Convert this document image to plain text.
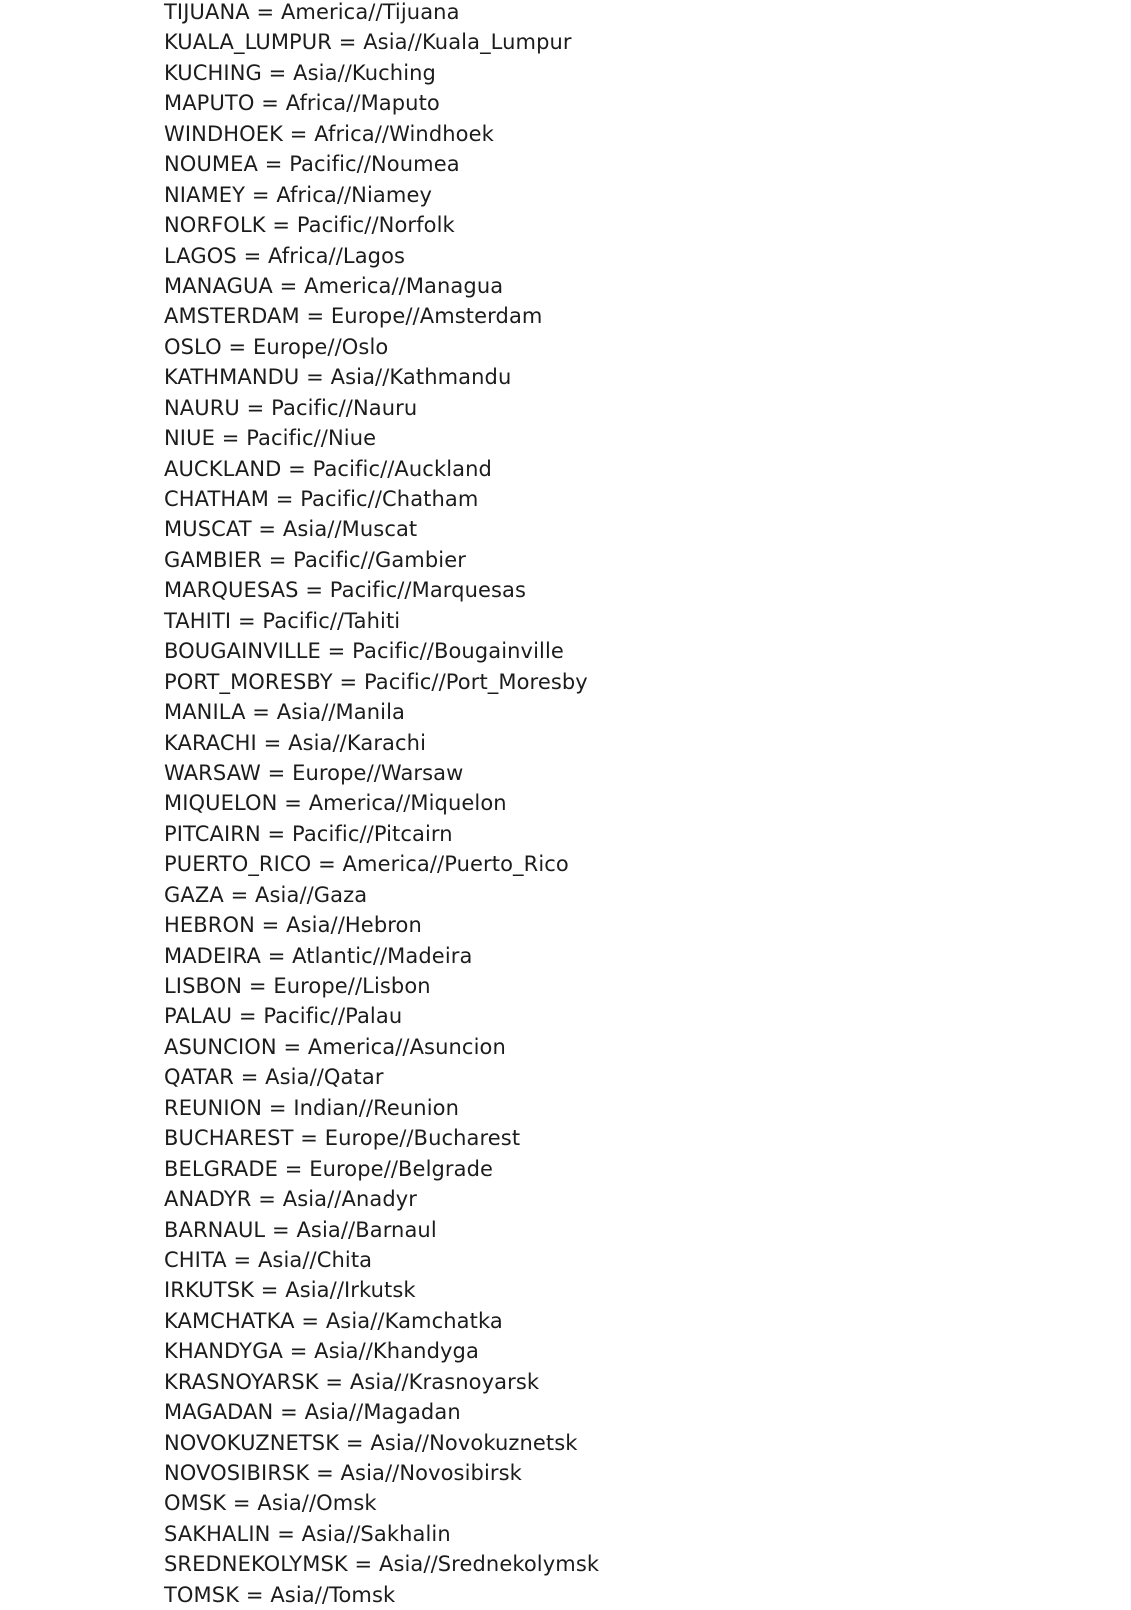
TIJUANA = America//Tijuana
KUALA_LUMPUR = Asia//Kuala_Lumpur
KUCHING = Asia//Kuching
MAPUTO = Africa//Maputo
WINDHOEK = Africa//Windhoek
NOUMEA = Pacific//Noumea
NIAMEY = Africa//Niamey
NORFOLK = Pacific//Norfolk
LAGOS = Africa//Lagos
MANAGUA = America//Managua
AMSTERDAM = Europe//Amsterdam
OSLO = Europe//Oslo
KATHMANDU = Asia//Kathmandu
NAURU = Pacific//Nauru
NIUE = Pacific//Niue
AUCKLAND = Pacific//Auckland
CHATHAM = Pacific//Chatham
MUSCAT = Asia//Muscat
GAMBIER = Pacific//Gambier
MARQUESAS = Pacific//Marquesas
TAHITI = Pacific//Tahiti
BOUGAINVILLE = Pacific//Bougainville
PORT_MORESBY = Pacific//Port_Moresby
MANILA = Asia//Manila
KARACHI = Asia//Karachi
WARSAW = Europe//Warsaw
MIQUELON = America//Miquelon
PITCAIRN = Pacific//Pitcairn
PUERTO_RICO = America//Puerto_Rico
GAZA = Asia//Gaza
HEBRON = Asia//Hebron
MADEIRA = Atlantic//Madeira
LISBON = Europe//Lisbon
PALAU = Pacific//Palau
ASUNCION = America//Asuncion
QATAR = Asia//Qatar
REUNION = Indian//Reunion
BUCHAREST = Europe//Bucharest
BELGRADE = Europe//Belgrade
ANADYR = Asia//Anadyr
BARNAUL = Asia//Barnaul
CHITA = Asia//Chita
IRKUTSK = Asia//Irkutsk
KAMCHATKA = Asia//Kamchatka
KHANDYGA = Asia//Khandyga
KRASNOYARSK = Asia//Krasnoyarsk
MAGADAN = Asia//Magadan
NOVOKUZNETSK = Asia//Novokuznetsk
NOVOSIBIRSK = Asia//Novosibirsk
OMSK = Asia//Omsk
SAKHALIN = Asia//Sakhalin
SREDNEKOLYMSK = Asia//Srednekolymsk
TOMSK = Asia//Tomsk
